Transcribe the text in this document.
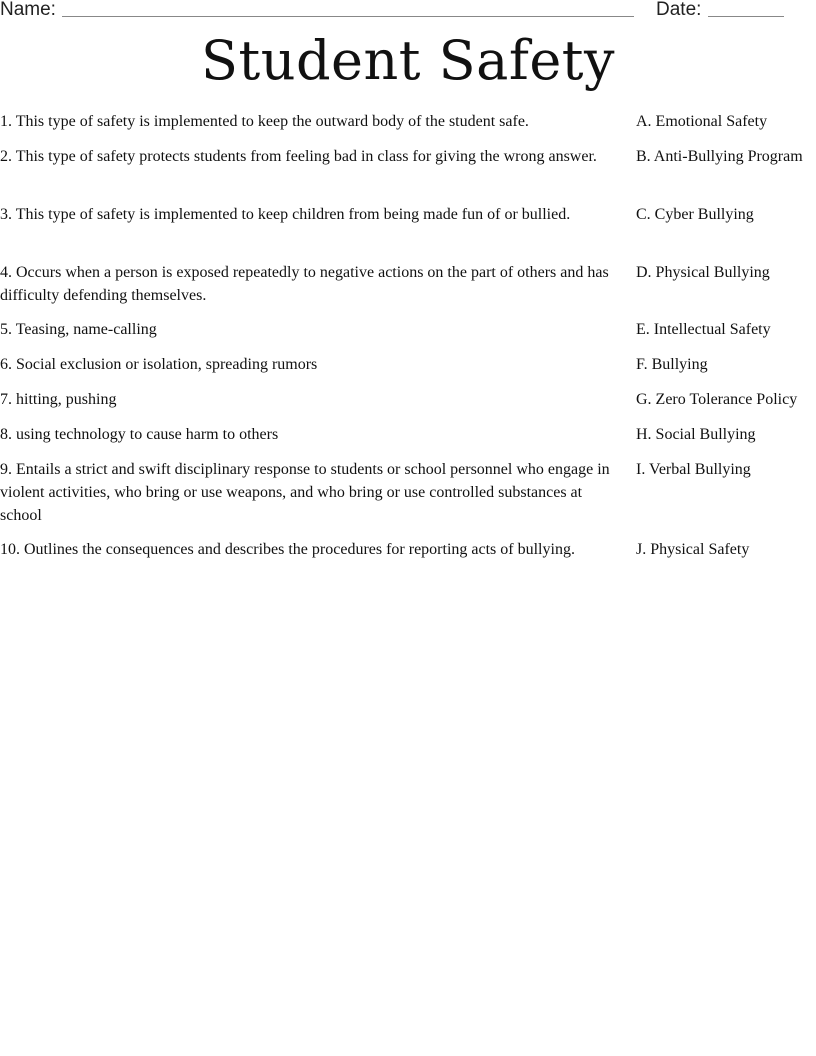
Name:	Date:
Student Safety
1. This type of safety is implemented to keep the outward body of the student safe.
2. This type of safety protects students from feeling bad in class for giving the wrong answer.
3. This type of safety is implemented to keep children from being made fun of or bullied.
4. Occurs when a person is exposed repeatedly to negative actions on the part of others and has difficulty defending themselves.
5. Teasing, name-calling
6. Social exclusion or isolation, spreading rumors
7. hitting, pushing
8. using technology to cause harm to others
9. Entails a strict and swift disciplinary response to students or school personnel who engage in violent activities, who bring or use weapons, and who bring or use controlled substances at school
10. Outlines the consequences and describes the procedures for reporting acts of bullying.
A. Emotional Safety
B. Anti-Bullying Program
C. Cyber Bullying
D. Physical Bullying
E. Intellectual Safety
F. Bullying
G. Zero Tolerance Policy
H. Social Bullying
I. Verbal Bullying
J. Physical Safety
